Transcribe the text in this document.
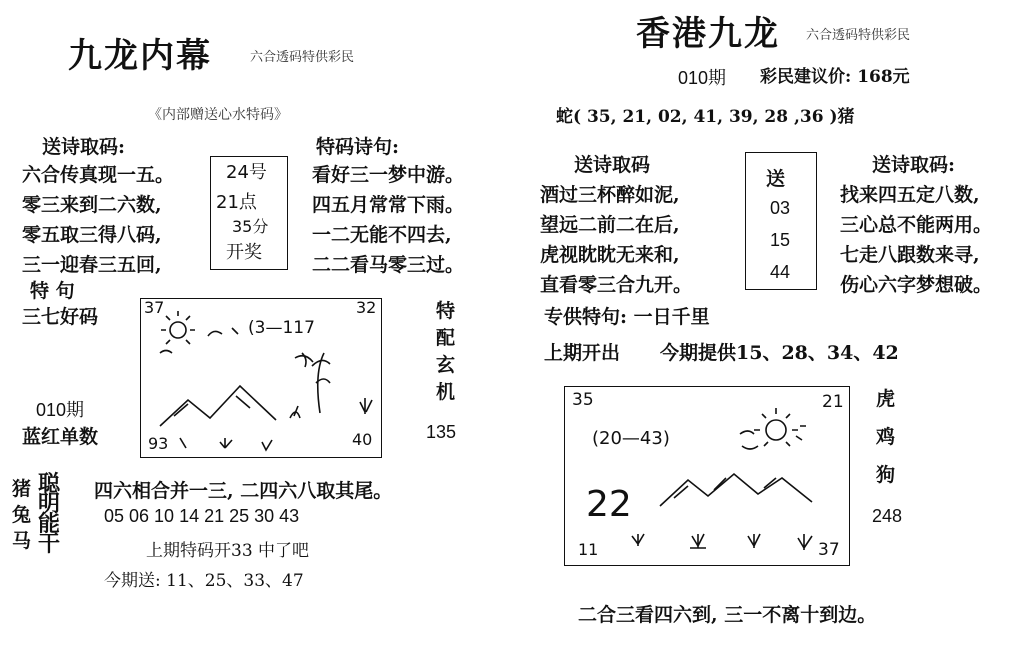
九龙内幕	六合透码特供彩民
《内部赠送心水特码》
送诗取码:	特码诗句:
六合传真现一五。
零三来到二六数,
零五取三得八码,
三一迎春三五回,
24号
21点
35分
开奖
看好三一梦中游。
四五月常常下雨。
一二无能不四去,
二二看马零三过。
特 句
三七好码
010期
蓝红单数
37	32
93	40
(3—117
特
配
玄
机
135
猪
兔
马
聪
明
能
干
四六相合并一三, 二四六八取其尾。
05 06 10 14 21 25 30 43
上期特码开33 中了吧
今期送: 11、25、33、47
香港九龙 六合透码特供彩民
010期 彩民建议价: 168元
蛇( 35, 21, 02, 41, 39, 28 ,36 )猪
送诗取码	送诗取码:
酒过三杯醉如泥,
望远二前二在后,
虎视眈眈无来和,
直看零三合九开。
送
03
15
44
找来四五定八数,
三心总不能两用。
七走八跟数来寻,
伤心六字梦想破。
专供特句: 一日千里
上期开出 今期提供15、28、34、42
35	21
(20—43)
22
11	37
虎
鸡
狗
248
二合三看四六到, 三一不离十到边。
